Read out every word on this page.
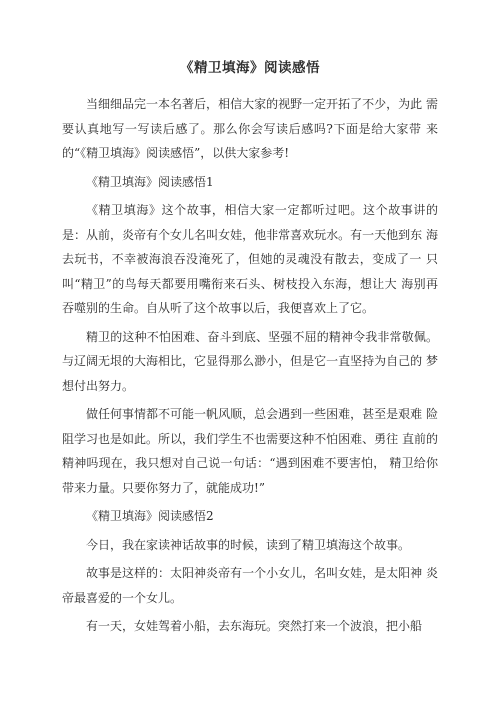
《精卫填海》阅读感悟

当细细品完一本名著后，相信大家的视野一定开拓了不少，为此 需要认真地写一写读后感了。那么你会写读后感吗?下面是给大家带 来的“《精卫填海》阅读感悟”，以供大家参考!

《精卫填海》阅读感悟1

《精卫填海》这个故事，相信大家一定都听过吧。这个故事讲的 是：从前，炎帝有个女儿名叫女娃，他非常喜欢玩水。有一天他到东 海去玩书，不幸被海浪吞没淹死了，但她的灵魂没有散去，变成了一 只叫“精卫”的鸟每天都要用嘴衔来石头、树枝投入东海，想让大 海别再吞噬别的生命。自从听了这个故事以后，我便喜欢上了它。

精卫的这种不怕困难、奋斗到底、坚强不屈的精神令我非常敬佩。 与辽阔无垠的大海相比，它显得那么渺小，但是它一直坚持为自己的 梦想付出努力。

做任何事情都不可能一帆风顺，总会遇到一些困难，甚至是艰难 险阻学习也是如此。所以，我们学生不也需要这种不怕困难、勇往 直前的精神吗现在，我只想对自己说一句话：“遇到困难不要害怕， 精卫给你带来力量。只要你努力了，就能成功!”

《精卫填海》阅读感悟2

今日，我在家读神话故事的时候，读到了精卫填海这个故事。

故事是这样的：太阳神炎帝有一个小女儿，名叫女娃，是太阳神 炎帝最喜爱的一个女儿。

有一天，女娃驾着小船，去东海玩。突然打来一个波浪，把小船
